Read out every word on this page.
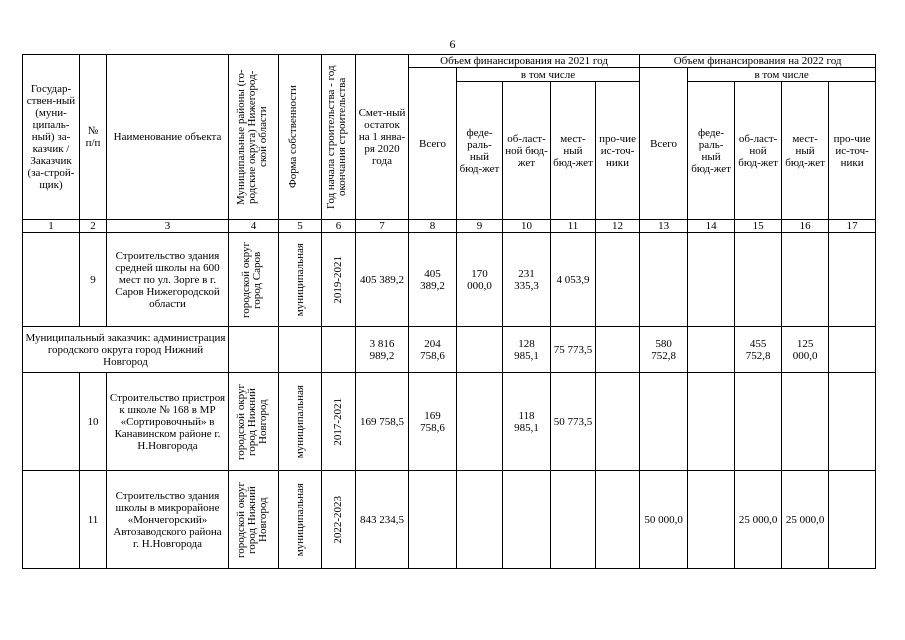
6
Государ-ствен-ный (муни-ципаль-ный) за-казчик / Заказчик (за-строй-щик)	№ п/п	Наименование объекта	Муниципальные районы (го-родские округа) Нижегород-ской области	Форма собственности	Год начала строительства - год окончания строительства	Смет-ный остаток на 1 янва-ря 2020 года	Объем финансирования на 2021 год					Объем финансирования на 2022 год				
							Всего	в том числе				Всего	в том числе			
								феде-раль-ный бюд-жет	об-ласт-ной бюд-жет	мест-ный бюд-жет	про-чие ис-точ-ники		феде-раль-ный бюд-жет	об-ласт-ной бюд-жет	мест-ный бюд-жет	про-чие ис-точ-ники
1	2	3	4	5	6	7	8	9	10	11	12	13	14	15	16	17
	9	Строительство здания средней школы на 600 мест по ул. Зорге в г. Саров Нижегородской области	городской округ город Саров	муниципальная	2019-2021	405 389,2	405 389,2	170 000,0	231 335,3	4 053,9						
Муниципальный заказчик: администрация городского округа город Нижний Новгород						3 816 989,2	204 758,6		128 985,1	75 773,5		580 752,8		455 752,8	125 000,0	
	10	Строительство пристроя к школе № 168 в МР «Сортировочный» в Канавинском районе г. Н.Новгорода	городской округ город Нижний Новгород	муниципальная	2017-2021	169 758,5	169 758,6		118 985,1	50 773,5						
	11	Строительство здания школы в микрорайоне «Мончегорский» Автозаводского района г. Н.Новгорода	городской округ город Нижний Новгород	муниципальная	2022-2023	843 234,5						50 000,0		25 000,0	25 000,0	
